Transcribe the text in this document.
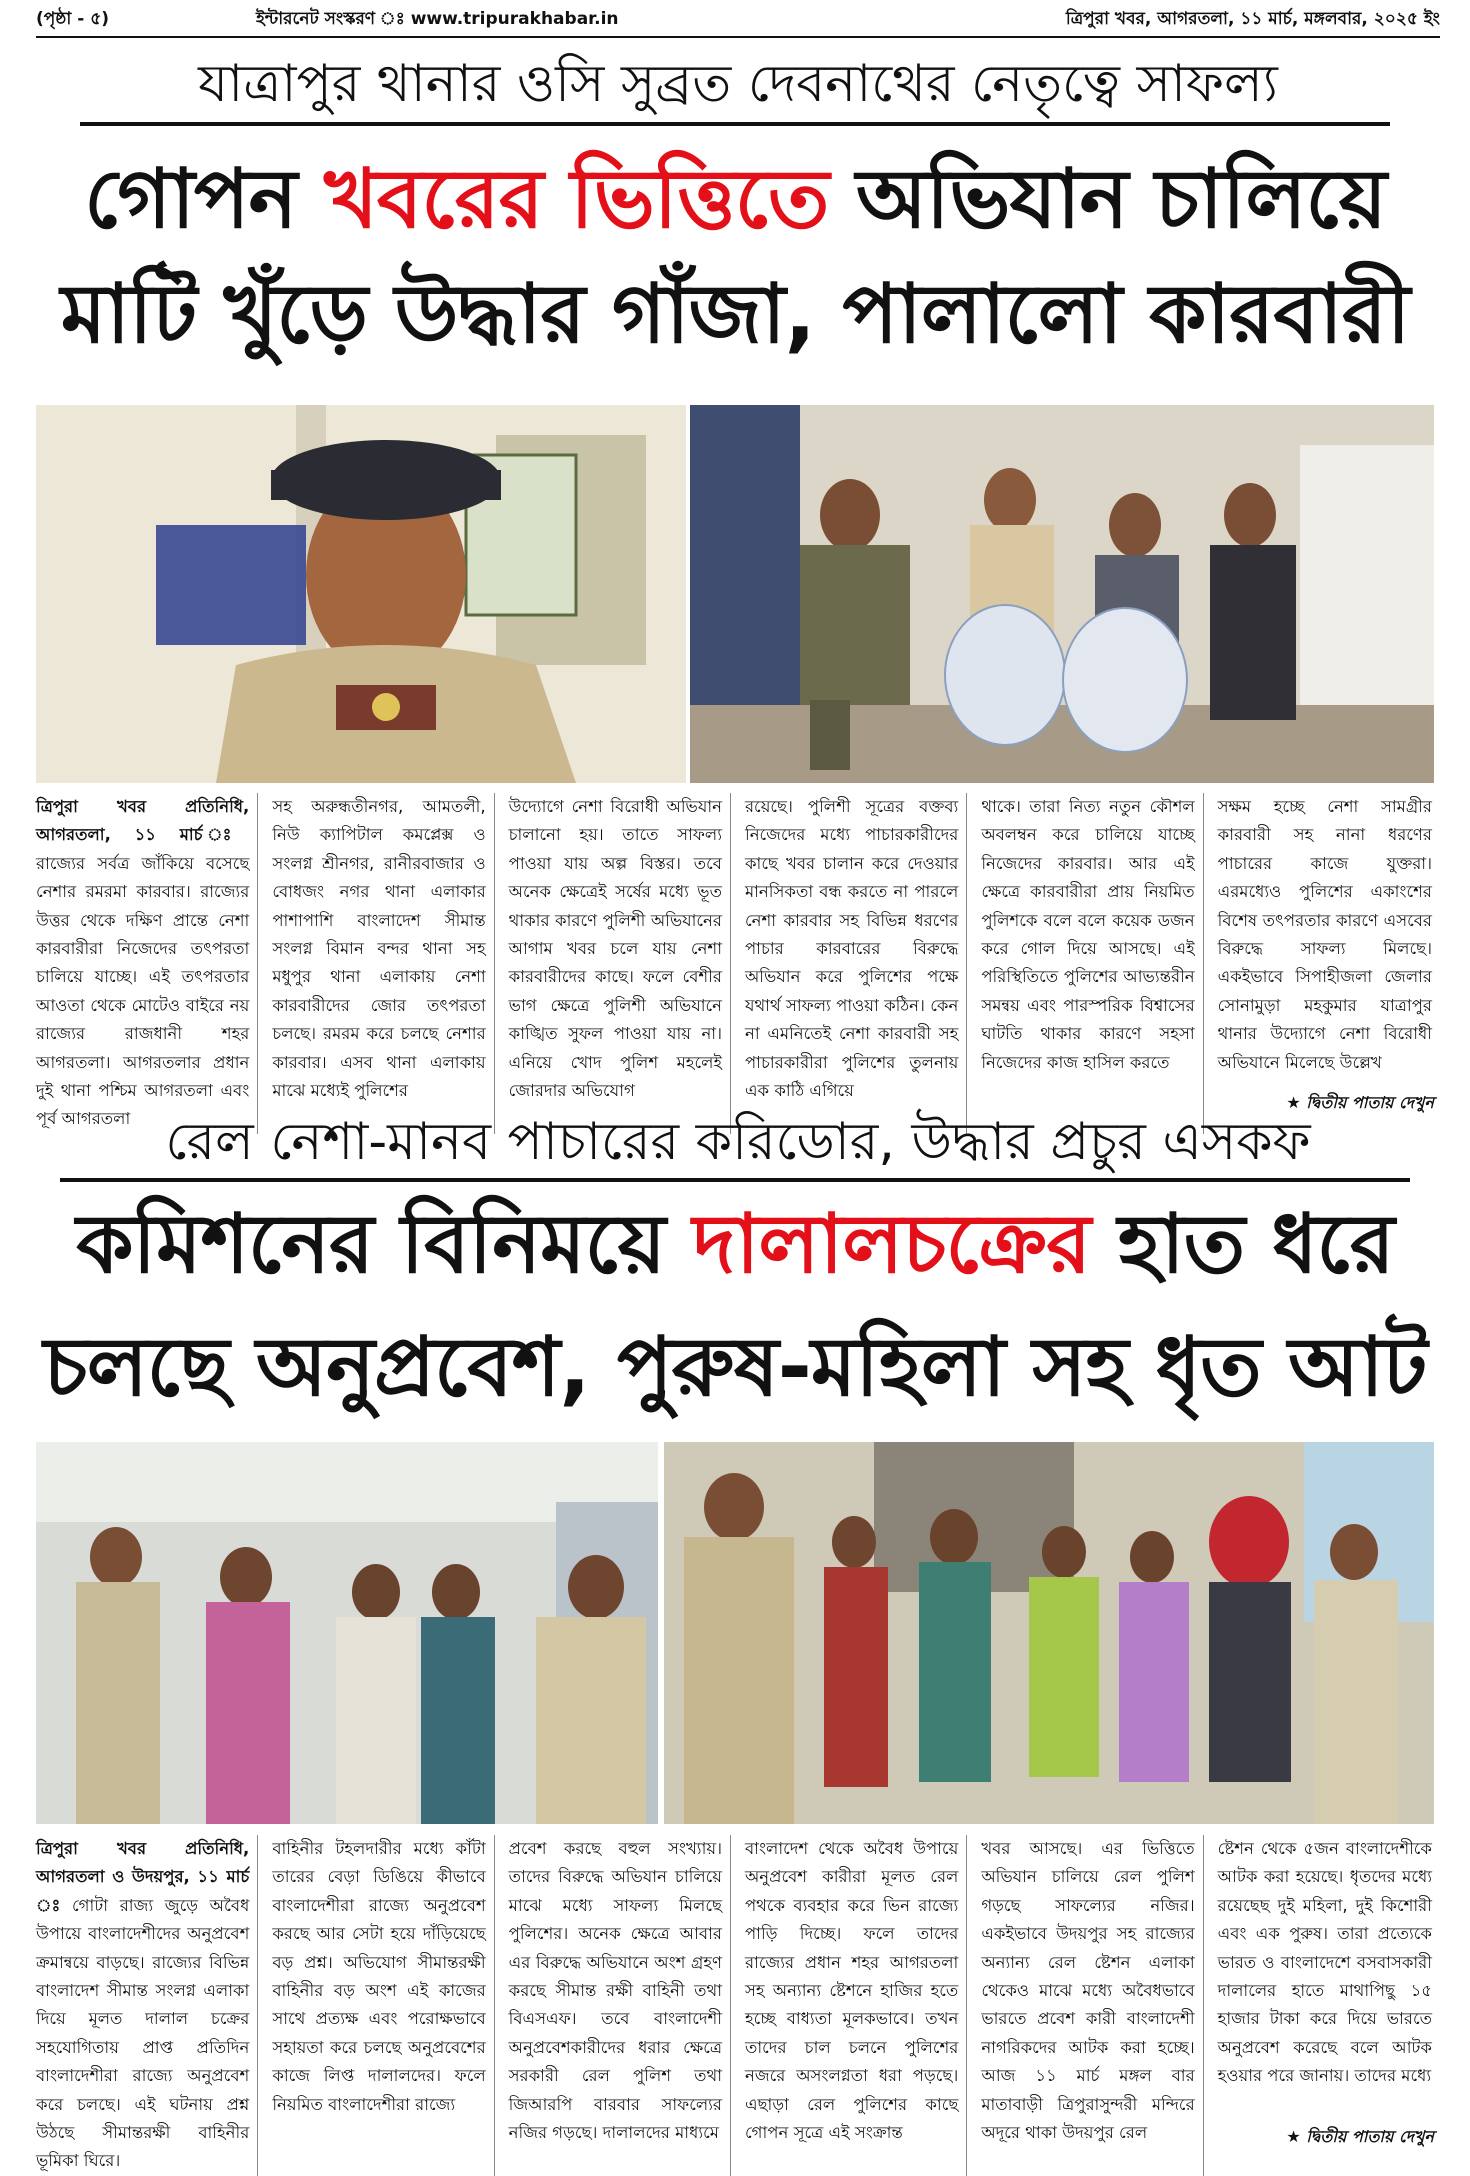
(পৃষ্ঠা - ৫)	ইন্টারনেট সংস্করণ ঃ www.tripurakhabar.in	ত্রিপুরা খবর, আগরতলা, ১১ মার্চ, মঙ্গলবার, ২০২৫ ইং
যাত্রাপুর থানার ওসি সুব্রত দেবনাথের নেতৃত্বে সাফল্য
গোপন খবরের ভিত্তিতে অভিযান চালিয়ে
মাটি খুঁড়ে উদ্ধার গাঁজা, পালালো কারবারী
ত্রিপুরা খবর প্রতিনিধি, আগরতলা, ১১ মার্চ ঃ রাজ্যের সর্বত্র জাঁকিয়ে বসেছে নেশার রমরমা কারবার। রাজ্যের উত্তর থেকে দক্ষিণ প্রান্তে নেশা কারবারীরা নিজেদের তৎপরতা চালিয়ে যাচ্ছে। এই তৎপরতার আওতা থেকে মোটেও বাইরে নয় রাজ্যের রাজধানী শহর আগরতলা। আগরতলার প্রধান দুই থানা পশ্চিম আগরতলা এবং পূর্ব আগরতলা
সহ অরুন্ধতীনগর, আমতলী, নিউ ক্যাপিটাল কমপ্লেক্স ও সংলগ্ন শ্রীনগর, রানীরবাজার ও বোধজং নগর থানা এলাকার পাশাপাশি বাংলাদেশ সীমান্ত সংলগ্ন বিমান বন্দর থানা সহ মধুপুর থানা এলাকায় নেশা কারবারীদের জোর তৎপরতা চলছে। রমরম করে চলছে নেশার কারবার। এসব থানা এলাকায় মাঝে মধ্যেই পুলিশের
উদ্যোগে নেশা বিরোধী অভিযান চালানো হয়। তাতে সাফল্য পাওয়া যায় অল্প বিস্তর। তবে অনেক ক্ষেত্রেই সর্ষের মধ্যে ভূত থাকার কারণে পুলিশী অভিযানের আগাম খবর চলে যায় নেশা কারবারীদের কাছে। ফলে বেশীর ভাগ ক্ষেত্রে পুলিশী অভিযানে কাঙ্খিত সুফল পাওয়া যায় না। এনিয়ে খোদ পুলিশ মহলেই জোরদার অভিযোগ
রয়েছে। পুলিশী সূত্রের বক্তব্য নিজেদের মধ্যে পাচারকারীদের কাছে খবর চালান করে দেওয়ার মানসিকতা বন্ধ করতে না পারলে নেশা কারবার সহ বিভিন্ন ধরণের পাচার কারবারের বিরুদ্ধে অভিযান করে পুলিশের পক্ষে যথার্থ সাফল্য পাওয়া কঠিন। কেন না এমনিতেই নেশা কারবারী সহ পাচারকারীরা পুলিশের তুলনায় এক কাঠি এগিয়ে
থাকে। তারা নিত্য নতুন কৌশল অবলম্বন করে চালিয়ে যাচ্ছে নিজেদের কারবার। আর এই ক্ষেত্রে কারবারীরা প্রায় নিয়মিত পুলিশকে বলে বলে কয়েক ডজন করে গোল দিয়ে আসছে। এই পরিস্থিতিতে পুলিশের আভ্যন্তরীন সমন্বয় এবং পারস্পরিক বিশ্বাসের ঘাটতি থাকার কারণে সহসা নিজেদের কাজ হাসিল করতে
সক্ষম হচ্ছে নেশা সামগ্রীর কারবারী সহ নানা ধরণের পাচারের কাজে যুক্তরা। এরমধ্যেও পুলিশের একাংশের বিশেষ তৎপরতার কারণে এসবের বিরুদ্ধে সাফল্য মিলছে। একইভাবে সিপাহীজলা জেলার সোনামুড়া মহকুমার যাত্রাপুর থানার উদ্যোগে নেশা বিরোধী অভিযানে মিলেছে উল্লেখ
★ দ্বিতীয় পাতায় দেখুন
রেল নেশা-মানব পাচারের করিডোর, উদ্ধার প্রচুর এসকফ
কমিশনের বিনিময়ে দালালচক্রের হাত ধরে
চলছে অনুপ্রবেশ, পুরুষ-মহিলা সহ ধৃত আট
ত্রিপুরা খবর প্রতিনিধি, আগরতলা ও উদয়পুর, ১১ মার্চ ঃ গোটা রাজ্য জুড়ে অবৈধ উপায়ে বাংলাদেশীদের অনুপ্রবেশ ক্রমান্বয়ে বাড়ছে। রাজ্যের বিভিন্ন বাংলাদেশ সীমান্ত সংলগ্ন এলাকা দিয়ে মূলত দালাল চক্রের সহযোগিতায় প্রাপ্ত প্রতিদিন বাংলাদেশীরা রাজ্যে অনুপ্রবেশ করে চলছে। এই ঘটনায় প্রশ্ন উঠছে সীমান্তরক্ষী বাহিনীর ভূমিকা ঘিরে।
বাহিনীর টহলদারীর মধ্যে কাঁটা তারের বেড়া ডিঙিয়ে কীভাবে বাংলাদেশীরা রাজ্যে অনুপ্রবেশ করছে আর সেটা হয়ে দাঁড়িয়েছে বড় প্রশ্ন। অভিযোগ সীমান্তরক্ষী বাহিনীর বড় অংশ এই কাজের সাথে প্রত্যক্ষ এবং পরোক্ষভাবে সহায়তা করে চলছে অনুপ্রবেশের কাজে লিপ্ত দালালদের। ফলে নিয়মিত বাংলাদেশীরা রাজ্যে
প্রবেশ করছে বহুল সংখ্যায়। তাদের বিরুদ্ধে অভিযান চালিয়ে মাঝে মধ্যে সাফল্য মিলছে পুলিশের। অনেক ক্ষেত্রে আবার এর বিরুদ্ধে অভিযানে অংশ গ্রহণ করছে সীমান্ত রক্ষী বাহিনী তথা বিএসএফ। তবে বাংলাদেশী অনুপ্রবেশকারীদের ধরার ক্ষেত্রে সরকারী রেল পুলিশ তথা জিআরপি বারবার সাফল্যের নজির গড়ছে। দালালদের মাধ্যমে
বাংলাদেশ থেকে অবৈধ উপায়ে অনুপ্রবেশ কারীরা মূলত রেল পথকে ব্যবহার করে ভিন রাজ্যে পাড়ি দিচ্ছে। ফলে তাদের রাজ্যের প্রধান শহর আগরতলা সহ অন্যান্য ষ্টেশনে হাজির হতে হচ্ছে বাধ্যতা মূলকভাবে। তখন তাদের চাল চলনে পুলিশের নজরে অসংলগ্নতা ধরা পড়ছে। এছাড়া রেল পুলিশের কাছে গোপন সূত্রে এই সংক্রান্ত
খবর আসছে। এর ভিত্তিতে অভিযান চালিয়ে রেল পুলিশ গড়ছে সাফল্যের নজির। একইভাবে উদয়পুর সহ রাজ্যের অন্যান্য রেল ষ্টেশন এলাকা থেকেও মাঝে মধ্যে অবৈধভাবে ভারতে প্রবেশ কারী বাংলাদেশী নাগরিকদের আটক করা হচ্ছে। আজ ১১ মার্চ মঙ্গল বার মাতাবাড়ী ত্রিপুরাসুন্দরী মন্দিরে অদূরে থাকা উদয়পুর রেল
ষ্টেশন থেকে ৫জন বাংলাদেশীকে আটক করা হয়েছে। ধৃতদের মধ্যে রয়েছেছ দুই মহিলা, দুই কিশোরী এবং এক পুরুষ। তারা প্রত্যেকে ভারত ও বাংলাদেশে বসবাসকারী দালালের হাতে মাথাপিছু ১৫ হাজার টাকা করে দিয়ে ভারতে অনুপ্রবেশ করেছে বলে আটক হওয়ার পরে জানায়। তাদের মধ্যে
★ দ্বিতীয় পাতায় দেখুন
